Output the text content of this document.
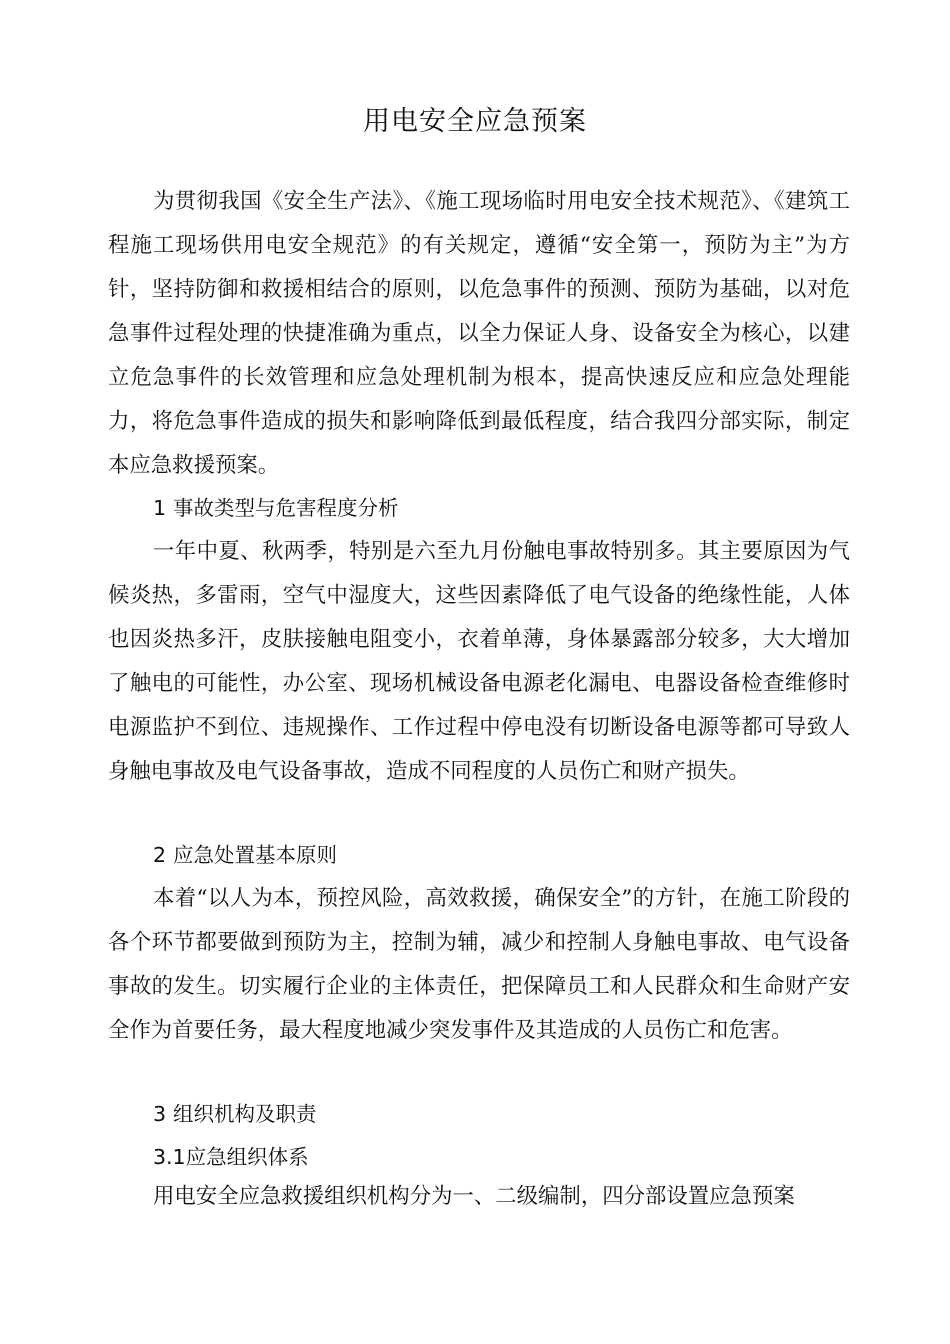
用电安全应急预案

为贯彻我国《安全生产法》、《施工现场临时用电安全技术规范》、《建筑工程施工现场供用电安全规范》的有关规定，遵循“安全第一，预防为主”为方针，坚持防御和救援相结合的原则，以危急事件的预测、预防为基础，以对危急事件过程处理的快捷准确为重点，以全力保证人身、设备安全为核心，以建立危急事件的长效管理和应急处理机制为根本，提高快速反应和应急处理能力，将危急事件造成的损失和影响降低到最低程度，结合我四分部实际，制定本应急救援预案。

1 事故类型与危害程度分析

一年中夏、秋两季，特别是六至九月份触电事故特别多。其主要原因为气候炎热，多雷雨，空气中湿度大，这些因素降低了电气设备的绝缘性能，人体也因炎热多汗，皮肤接触电阻变小，衣着单薄，身体暴露部分较多，大大增加了触电的可能性，办公室、现场机械设备电源老化漏电、电器设备检查维修时电源监护不到位、违规操作、工作过程中停电没有切断设备电源等都可导致人身触电事故及电气设备事故，造成不同程度的人员伤亡和财产损失。

2 应急处置基本原则

本着“以人为本，预控风险，高效救援，确保安全”的方针，在施工阶段的各个环节都要做到预防为主，控制为辅，减少和控制人身触电事故、电气设备事故的发生。切实履行企业的主体责任，把保障员工和人民群众和生命财产安全作为首要任务，最大程度地减少突发事件及其造成的人员伤亡和危害。

3 组织机构及职责
3.1应急组织体系

用电安全应急救援组织机构分为一、二级编制，四分部设置应急预案
